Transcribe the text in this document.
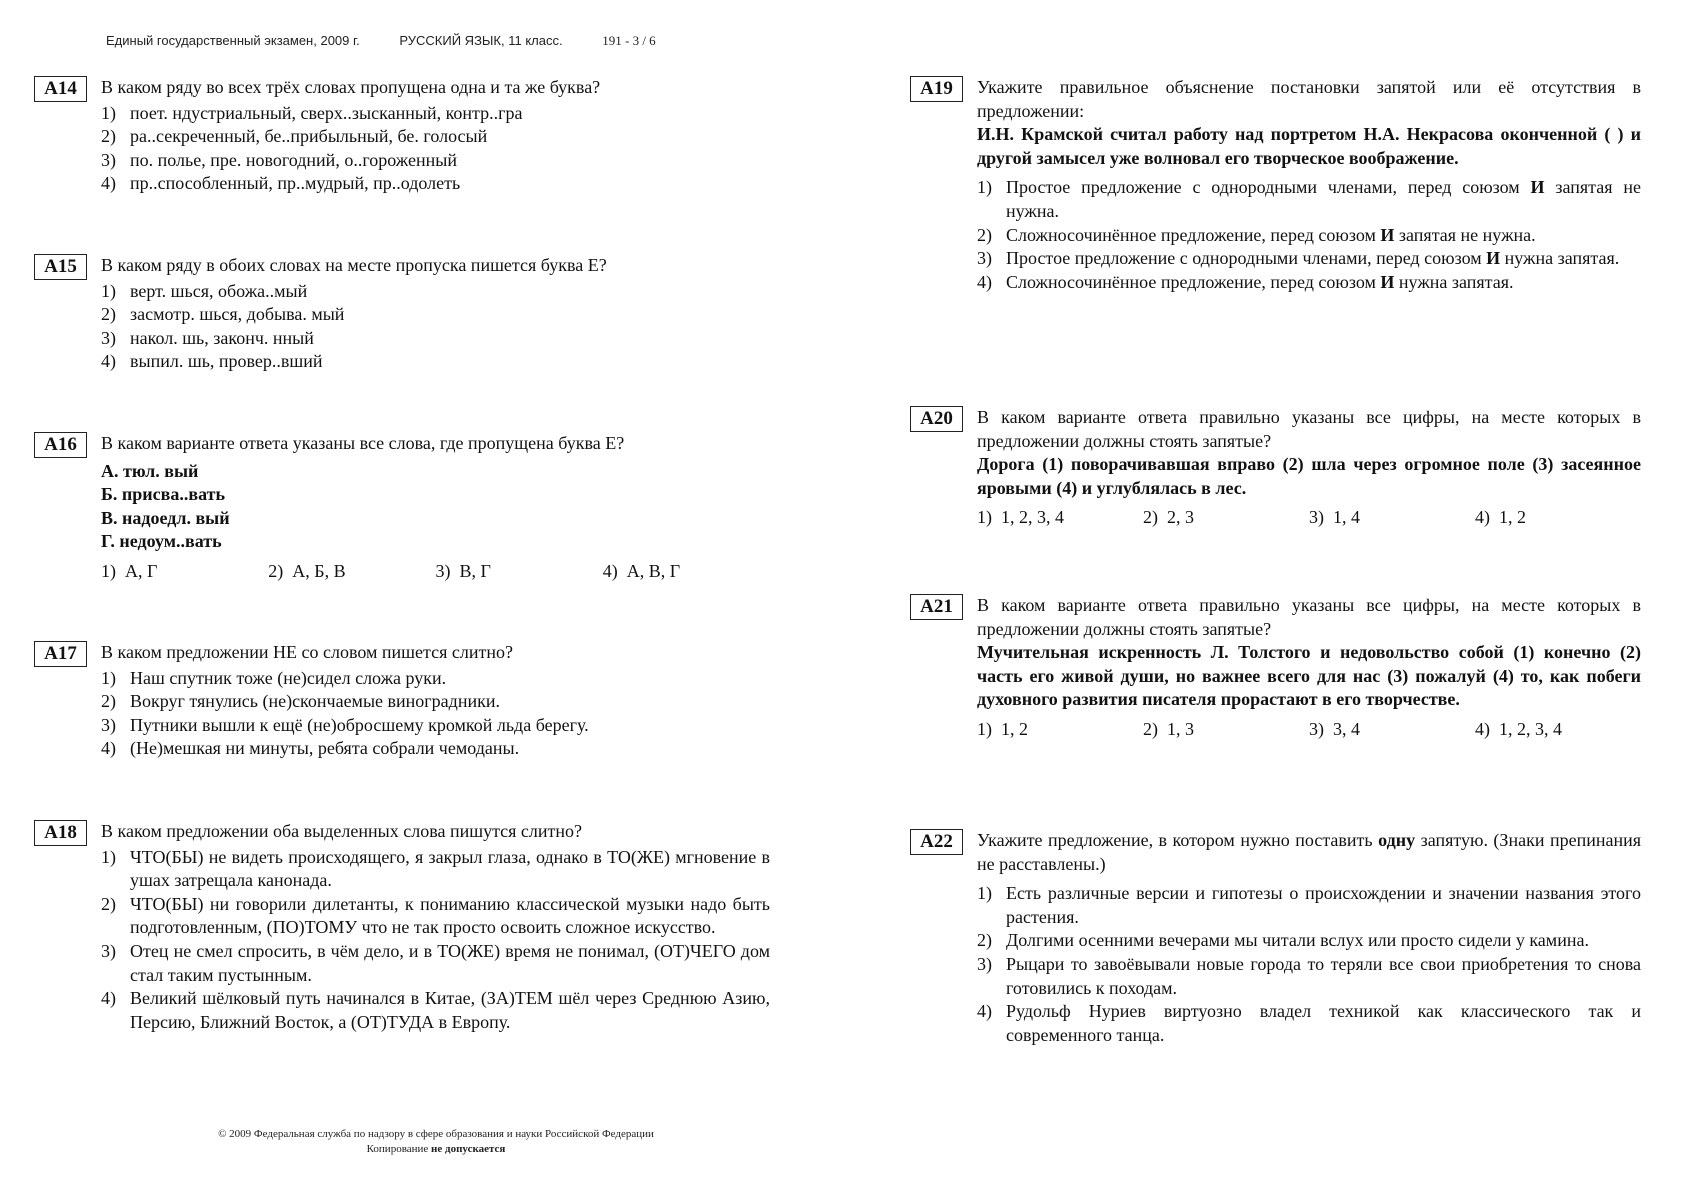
Единый государственный экзамен, 2009 г.	РУССКИЙ ЯЗЫК, 11 класс.	191 - 3 / 6
A14	В каком ряду во всех трёх словах пропущена одна и та же буква?
1) поет. ндустриальный, сверх..зысканный, контр..гра
2) ра..секреченный, бе..прибыльный, бе. голосый
3) по. полье, пре. новогодний, о..гороженный
4) пр..способленный, пр..мудрый, пр..одолеть
A15	В каком ряду в обоих словах на месте пропуска пишется буква Е?
1) верт. шься, обожа..мый
2) засмотр. шься, добыва. мый
3) накол. шь, законч. нный
4) выпил. шь, провер..вший
A16	В каком варианте ответа указаны все слова, где пропущена буква Е?
А. тюл. вый
Б. присва..вать
В. надоедл. вый
Г. недоум..вать
1) А, Г	2) А, Б, В	3) В, Г	4) А, В, Г
A17	В каком предложении НЕ со словом пишется слитно?
1) Наш спутник тоже (не)сидел сложа руки.
2) Вокруг тянулись (не)скончаемые виноградники.
3) Путники вышли к ещё (не)обросшему кромкой льда берегу.
4) (Не)мешкая ни минуты, ребята собрали чемоданы.
A18	В каком предложении оба выделенных слова пишутся слитно?
1) ЧТО(БЫ) не видеть происходящего, я закрыл глаза, однако в ТО(ЖЕ) мгновение в ушах затрещала канонада.
2) ЧТО(БЫ) ни говорили дилетанты, к пониманию классической музыки надо быть подготовленным, (ПО)ТОМУ что не так просто освоить сложное искусство.
3) Отец не смел спросить, в чём дело, и в ТО(ЖЕ) время не понимал, (ОТ)ЧЕГО дом стал таким пустынным.
4) Великий шёлковый путь начинался в Китае, (ЗА)ТЕМ шёл через Среднюю Азию, Персию, Ближний Восток, а (ОТ)ТУДА в Европу.
A19	Укажите правильное объяснение постановки запятой или её отсутствия в предложении:
И.Н. Крамской считал работу над портретом Н.А. Некрасова оконченной ( ) и другой замысел уже волновал его творческое воображение.
1) Простое предложение с однородными членами, перед союзом И запятая не нужна.
2) Сложносочинённое предложение, перед союзом И запятая не нужна.
3) Простое предложение с однородными членами, перед союзом И нужна запятая.
4) Сложносочинённое предложение, перед союзом И нужна запятая.
A20	В каком варианте ответа правильно указаны все цифры, на месте которых в предложении должны стоять запятые?
Дорога (1) поворачивавшая вправо (2) шла через огромное поле (3) засеянное яровыми (4) и углублялась в лес.
1) 1, 2, 3, 4	2) 2, 3	3) 1, 4	4) 1, 2
A21	В каком варианте ответа правильно указаны все цифры, на месте которых в предложении должны стоять запятые?
Мучительная искренность Л. Толстого и недовольство собой (1) конечно (2) часть его живой души, но важнее всего для нас (3) пожалуй (4) то, как побеги духовного развития писателя прорастают в его творчестве.
1) 1, 2	2) 1, 3	3) 3, 4	4) 1, 2, 3, 4
A22	Укажите предложение, в котором нужно поставить одну запятую. (Знаки препинания не расставлены.)
1) Есть различные версии и гипотезы о происхождении и значении названия этого растения.
2) Долгими осенними вечерами мы читали вслух или просто сидели у камина.
3) Рыцари то завоёвывали новые города то теряли все свои приобретения то снова готовились к походам.
4) Рудольф Нуриев виртуозно владел техникой как классического так и современного танца.
© 2009 Федеральная служба по надзору в сфере образования и науки Российской Федерации
Копирование не допускается
